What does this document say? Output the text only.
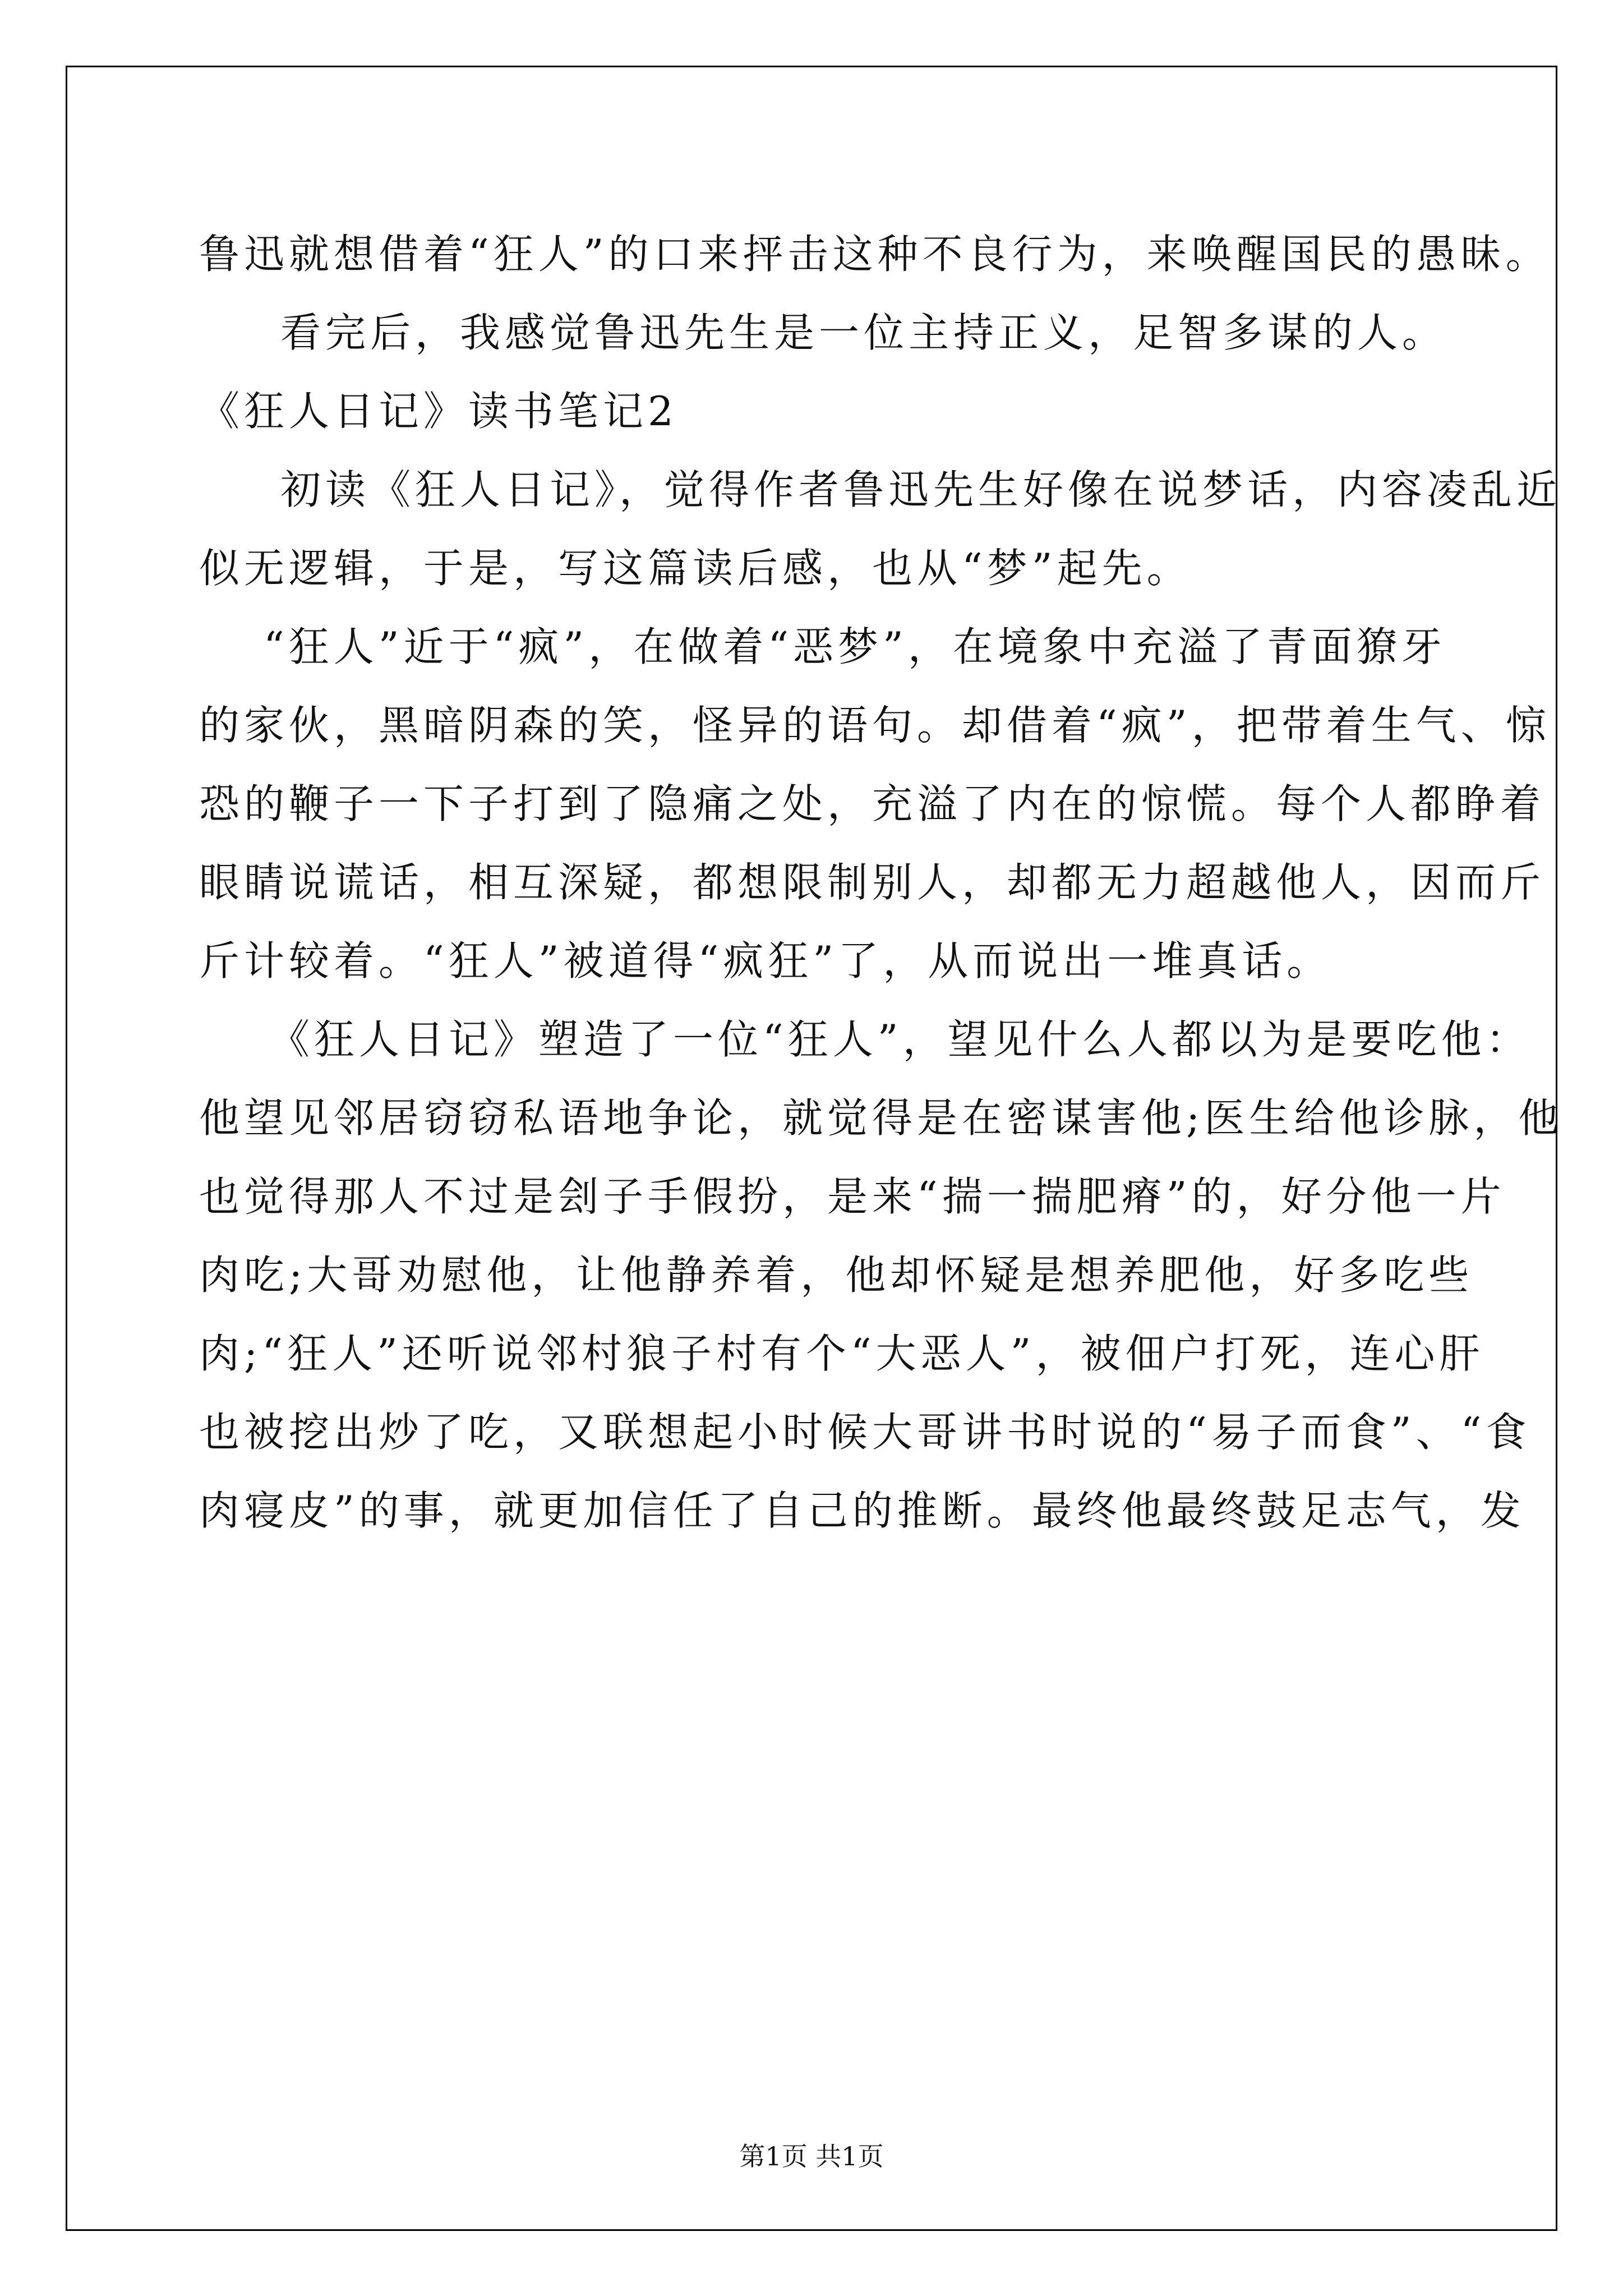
鲁迅就想借着“狂人”的口来抨击这种不良行为，来唤醒国民的愚昧。
看完后，我感觉鲁迅先生是一位主持正义，足智多谋的人。
《狂人日记》读书笔记2
初读《狂人日记》，觉得作者鲁迅先生好像在说梦话，内容凌乱近
似无逻辑，于是，写这篇读后感，也从“梦”起先。
“狂人”近于“疯”，在做着“恶梦”，在境象中充溢了青面獠牙
的家伙，黑暗阴森的笑，怪异的语句。却借着“疯”，把带着生气、惊
恐的鞭子一下子打到了隐痛之处，充溢了内在的惊慌。每个人都睁着
眼睛说谎话，相互深疑，都想限制别人，却都无力超越他人，因而斤
斤计较着。“狂人”被道得“疯狂”了，从而说出一堆真话。
《狂人日记》塑造了一位“狂人”，望见什么人都以为是要吃他：
他望见邻居窃窃私语地争论，就觉得是在密谋害他;医生给他诊脉，他
也觉得那人不过是刽子手假扮，是来“揣一揣肥瘠”的，好分他一片
肉吃;大哥劝慰他，让他静养着，他却怀疑是想养肥他，好多吃些
肉;“狂人”还听说邻村狼子村有个“大恶人”，被佃户打死，连心肝
也被挖出炒了吃，又联想起小时候大哥讲书时说的“易子而食”、“食
肉寝皮”的事，就更加信任了自己的推断。最终他最终鼓足志气，发
第1页 共1页
